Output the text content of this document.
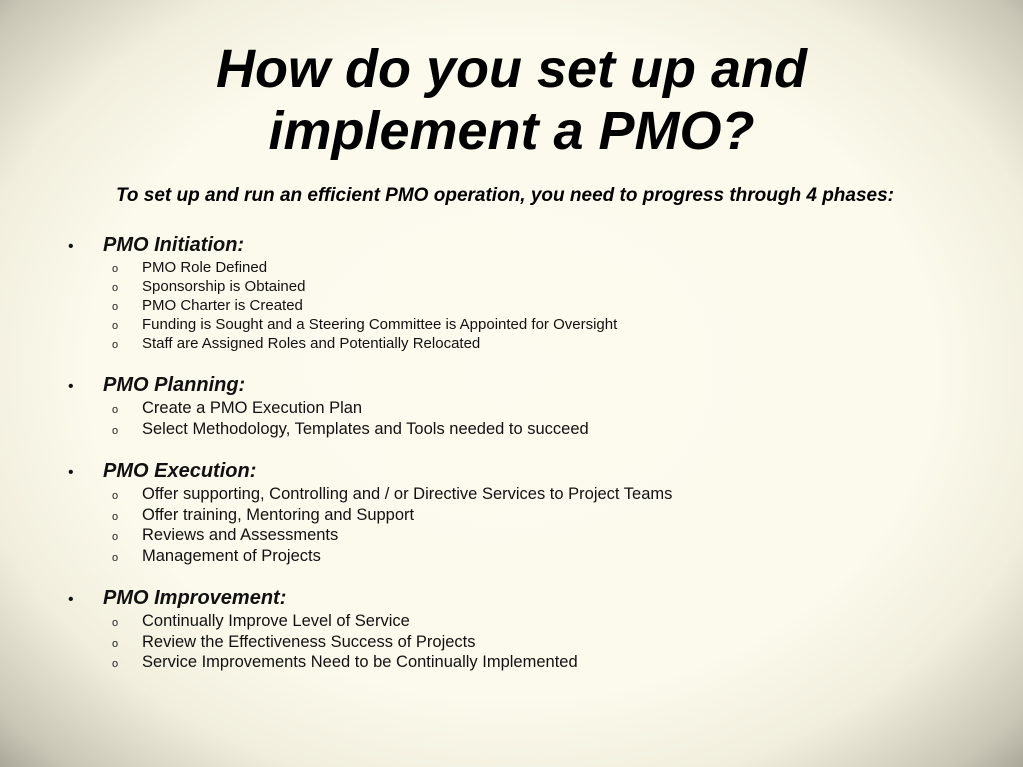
How do you set up and
implement a PMO?
To set up and run an efficient PMO operation, you need to progress through 4 phases:
•	PMO Initiation:
o	PMO Role Defined
o	Sponsorship is Obtained
o	PMO Charter is Created
o	Funding is Sought and a Steering Committee is Appointed for Oversight
o	Staff are Assigned Roles and Potentially Relocated
•	PMO Planning:
o	Create a PMO Execution Plan
o	Select Methodology, Templates and Tools needed to succeed
•	PMO Execution:
o	Offer supporting, Controlling and / or Directive Services to Project Teams
o	Offer training, Mentoring and Support
o	Reviews and Assessments
o	Management of Projects
•	PMO Improvement:
o	Continually Improve Level of Service
o	Review the Effectiveness Success of Projects
o	Service Improvements Need to be Continually Implemented
